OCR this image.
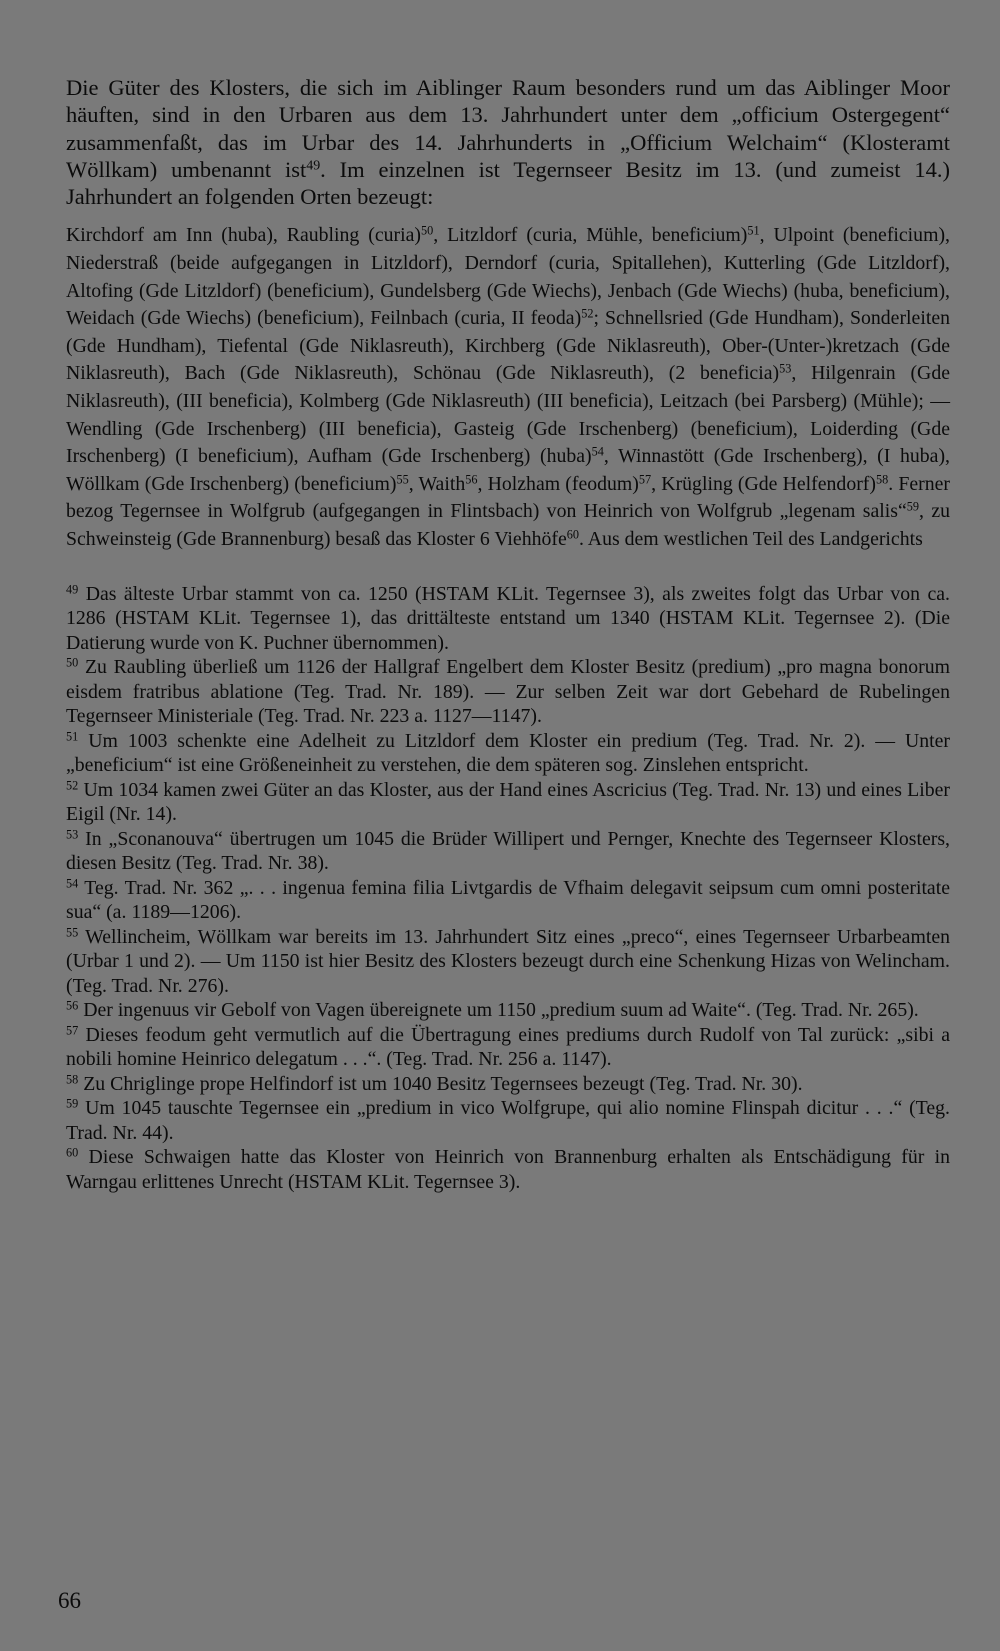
Die Güter des Klosters, die sich im Aiblinger Raum besonders rund um das Aiblinger Moor häuften, sind in den Urbaren aus dem 13. Jahrhundert unter dem „officium Ostergegent“ zusammenfaßt, das im Urbar des 14. Jahrhunderts in „Officium Welchaim“ (Klosteramt Wöllkam) umbenannt ist$^{49}$. Im einzelnen ist Tegernseer Besitz im 13. (und zumeist 14.) Jahrhundert an folgenden Orten bezeugt:

Kirchdorf am Inn (huba), Raubling (curia)$^{50}$, Litzldorf (curia, Mühle, beneficium)$^{51}$, Ulpoint (beneficium), Niederstraß (beide aufgegangen in Litzldorf), Derndorf (curia, Spitallehen), Kutterling (Gde Litzldorf), Altofing (Gde Litzldorf) (beneficium), Gundelsberg (Gde Wiechs), Jenbach (Gde Wiechs) (huba, beneficium), Weidach (Gde Wiechs) (beneficium), Feilnbach (curia, II feoda)$^{52}$; Schnellsried (Gde Hundham), Sonderleiten (Gde Hundham), Tiefental (Gde Niklasreuth), Kirchberg (Gde Niklasreuth), Ober-(Unter-)kretzach (Gde Niklasreuth), Bach (Gde Niklasreuth), Schönau (Gde Niklasreuth), (2 beneficia)$^{53}$, Hilgenrain (Gde Niklasreuth), (III beneficia), Kolmberg (Gde Niklasreuth) (III beneficia), Leitzach (bei Parsberg) (Mühle); — Wendling (Gde Irschenberg) (III beneficia), Gasteig (Gde Irschenberg) (beneficium), Loiderding (Gde Irschenberg) (I beneficium), Aufham (Gde Irschenberg) (huba)$^{54}$, Winnastött (Gde Irschenberg), (I huba), Wöllkam (Gde Irschenberg) (beneficium)$^{55}$, Waith$^{56}$, Holzham (feodum)$^{57}$, Krügling (Gde Helfendorf)$^{58}$. Ferner bezog Tegernsee in Wolfgrub (aufgegangen in Flintsbach) von Heinrich von Wolfgrub „legenam salis“$^{59}$, zu Schweinsteig (Gde Brannenburg) besaß das Kloster 6 Viehhöfe$^{60}$. Aus dem westlichen Teil des Landgerichts

$^{49}$ Das älteste Urbar stammt von ca. 1250 (HSTAM KLit. Tegernsee 3), als zweites folgt das Urbar von ca. 1286 (HSTAM KLit. Tegernsee 1), das drittälteste entstand um 1340 (HSTAM KLit. Tegernsee 2). (Die Datierung wurde von K. Puchner übernommen).

$^{50}$ Zu Raubling überließ um 1126 der Hallgraf Engelbert dem Kloster Besitz (predium) „pro magna bonorum eisdem fratribus ablatione (Teg. Trad. Nr. 189). — Zur selben Zeit war dort Gebehard de Rubelingen Tegernseer Ministeriale (Teg. Trad. Nr. 223 a. 1127—1147).

$^{51}$ Um 1003 schenkte eine Adelheit zu Litzldorf dem Kloster ein predium (Teg. Trad. Nr. 2). — Unter „beneficium“ ist eine Größeneinheit zu verstehen, die dem späteren sog. Zinslehen entspricht.

$^{52}$ Um 1034 kamen zwei Güter an das Kloster, aus der Hand eines Ascricius (Teg. Trad. Nr. 13) und eines Liber Eigil (Nr. 14).

$^{53}$ In „Sconanouva“ übertrugen um 1045 die Brüder Willipert und Pernger, Knechte des Tegernseer Klosters, diesen Besitz (Teg. Trad. Nr. 38).

$^{54}$ Teg. Trad. Nr. 362 „. . . ingenua femina filia Livtgardis de Vfhaim delegavit seipsum cum omni posteritate sua“ (a. 1189—1206).

$^{55}$ Wellincheim, Wöllkam war bereits im 13. Jahrhundert Sitz eines „preco“, eines Tegernseer Urbarbeamten (Urbar 1 und 2). — Um 1150 ist hier Besitz des Klosters bezeugt durch eine Schenkung Hizas von Welincham. (Teg. Trad. Nr. 276).

$^{56}$ Der ingenuus vir Gebolf von Vagen übereignete um 1150 „predium suum ad Waite“. (Teg. Trad. Nr. 265).

$^{57}$ Dieses feodum geht vermutlich auf die Übertragung eines prediums durch Rudolf von Tal zurück: „sibi a nobili homine Heinrico delegatum . . .“. (Teg. Trad. Nr. 256 a. 1147).

$^{58}$ Zu Chriglinge prope Helfindorf ist um 1040 Besitz Tegernsees bezeugt (Teg. Trad. Nr. 30).

$^{59}$ Um 1045 tauschte Tegernsee ein „predium in vico Wolfgrupe, qui alio nomine Flinspah dicitur . . .“ (Teg. Trad. Nr. 44).

$^{60}$ Diese Schwaigen hatte das Kloster von Heinrich von Brannenburg erhalten als Entschädigung für in Warngau erlittenes Unrecht (HSTAM KLit. Tegernsee 3).

66
